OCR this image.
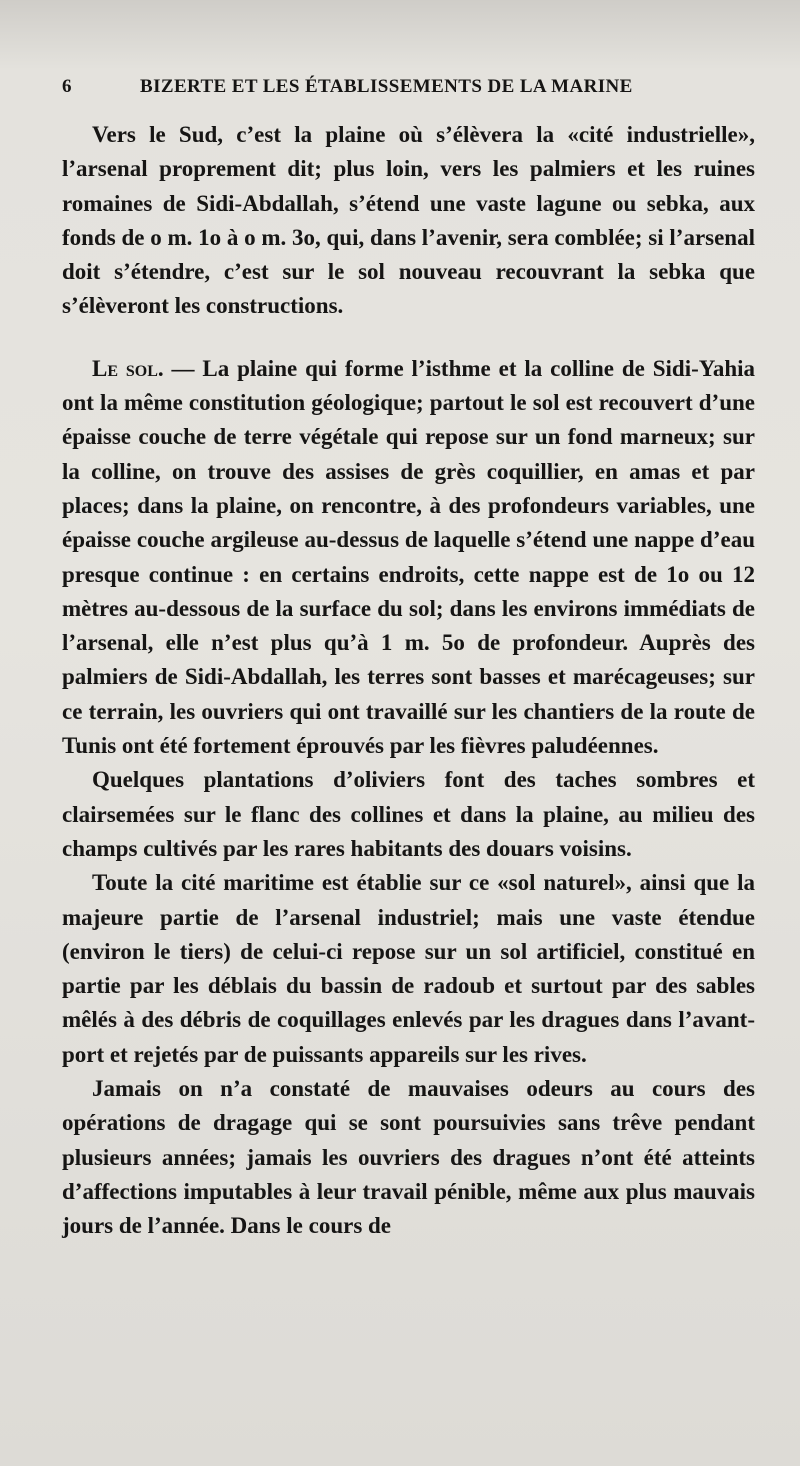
6	BIZERTE ET LES ÉTABLISSEMENTS DE LA MARINE

Vers le Sud, c’est la plaine où s’élèvera la «cité industrielle», l’arsenal proprement dit; plus loin, vers les palmiers et les ruines romaines de Sidi-Abdallah, s’étend une vaste lagune ou sebka, aux fonds de o m. 1o à o m. 3o, qui, dans l’avenir, sera comblée; si l’arsenal doit s’étendre, c’est sur le sol nouveau recouvrant la sebka que s’élèveront les constructions.

Le sol. — La plaine qui forme l’isthme et la colline de Sidi-Yahia ont la même constitution géologique; partout le sol est recouvert d’une épaisse couche de terre végétale qui repose sur un fond marneux; sur la colline, on trouve des assises de grès coquillier, en amas et par places; dans la plaine, on rencontre, à des profondeurs variables, une épaisse couche argileuse au-dessus de laquelle s’étend une nappe d’eau presque continue : en certains endroits, cette nappe est de 1o ou 12 mètres au-dessous de la surface du sol; dans les environs immédiats de l’arsenal, elle n’est plus qu’à 1 m. 5o de profondeur. Auprès des palmiers de Sidi-Abdallah, les terres sont basses et marécageuses; sur ce terrain, les ouvriers qui ont travaillé sur les chantiers de la route de Tunis ont été fortement éprouvés par les fièvres paludéennes.

Quelques plantations d’oliviers font des taches sombres et clairsemées sur le flanc des collines et dans la plaine, au milieu des champs cultivés par les rares habitants des douars voisins.

Toute la cité maritime est établie sur ce «sol naturel», ainsi que la majeure partie de l’arsenal industriel; mais une vaste étendue (environ le tiers) de celui-ci repose sur un sol artificiel, constitué en partie par les déblais du bassin de radoub et surtout par des sables mêlés à des débris de coquillages enlevés par les dragues dans l’avant-port et rejetés par de puissants appareils sur les rives.

Jamais on n’a constaté de mauvaises odeurs au cours des opérations de dragage qui se sont poursuivies sans trêve pendant plusieurs années; jamais les ouvriers des dragues n’ont été atteints d’affections imputables à leur travail pénible, même aux plus mauvais jours de l’année. Dans le cours de
